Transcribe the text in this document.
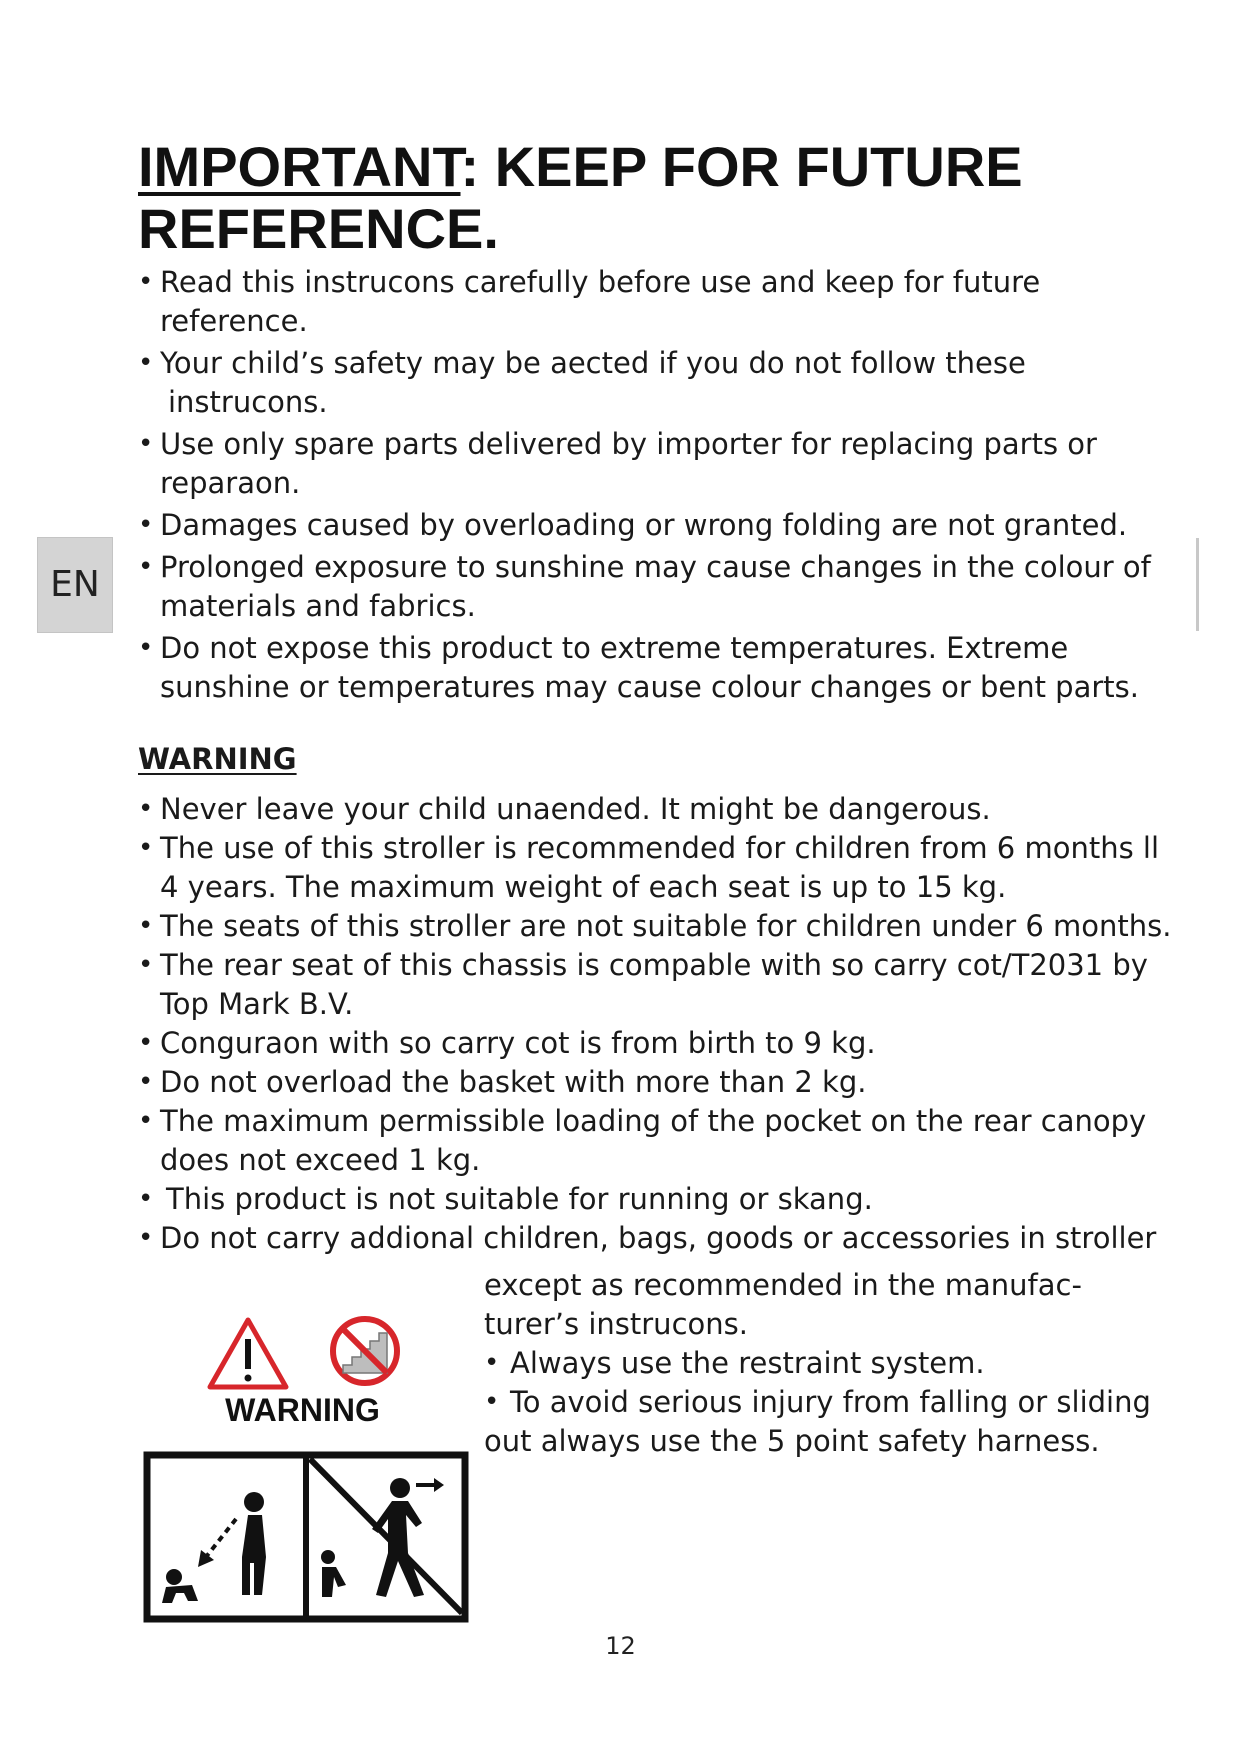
IMPORTANT: KEEP FOR FUTURE
REFERENCE.
• Read this instrucons carefully before use and keep for future
reference.
• Your child’s safety may be aected if you do not follow these
instrucons.
• Use only spare parts delivered by importer for replacing parts or
reparaon.
• Damages caused by overloading or wrong folding are not granted.
• Prolonged exposure to sunshine may cause changes in the colour of
materials and fabrics.
• Do not expose this product to extreme temperatures. Extreme
sunshine or temperatures may cause colour changes or bent parts.
EN
WARNING
• Never leave your child unaended. It might be dangerous.
• The use of this stroller is recommended for children from 6 months ll
4 years. The maximum weight of each seat is up to 15 kg.
• The seats of this stroller are not suitable for children under 6 months.
• The rear seat of this chassis is compable with so carry cot/T2031 by
Top Mark B.V.
• Conguraon with so carry cot is from birth to 9 kg.
• Do not overload the basket with more than 2 kg.
• The maximum permissible loading of the pocket on the rear canopy
does not exceed 1 kg.
• This product is not suitable for running or skang.
• Do not carry addional children, bags, goods or accessories in stroller
except as recommended in the manufac-
turer’s instrucons.
• Always use the restraint system.
• To avoid serious injury from falling or sliding
out always use the 5 point safety harness.
WARNING
12
